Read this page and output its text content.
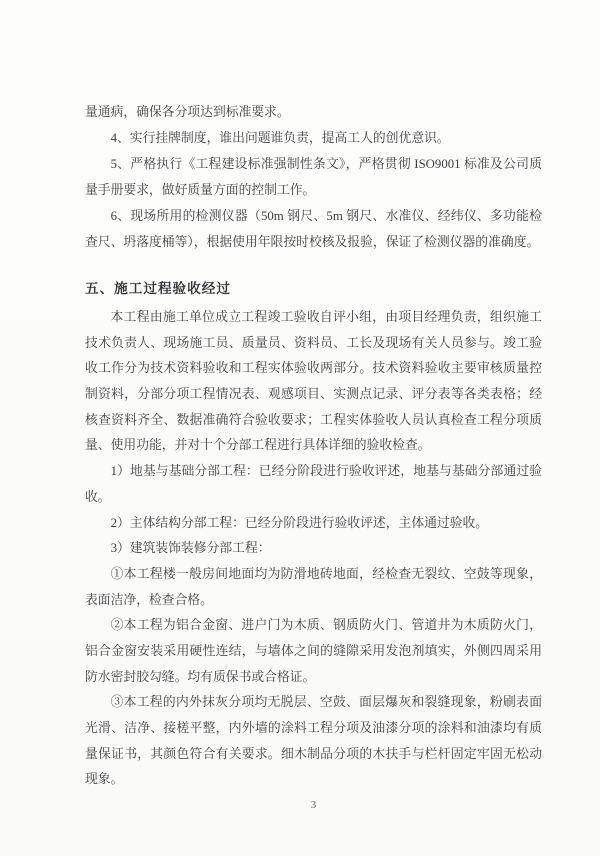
量通病，确保各分项达到标准要求。
4、实行挂牌制度，谁出问题谁负责，提高工人的创优意识。
5、严格执行《工程建设标准强制性条文》，严格贯彻 ISO9001 标准及公司质
量手册要求，做好质量方面的控制工作。
6、现场所用的检测仪器（50m 钢尺、5m 钢尺、水准仪、经纬仪、多功能检
查尺、坍落度桶等），根据使用年限按时校核及报验，保证了检测仪器的准确度。
五、施工过程验收经过
本工程由施工单位成立工程竣工验收自评小组，由项目经理负责，组织施工
技术负责人、现场施工员、质量员、资料员、工长及现场有关人员参与。竣工验
收工作分为技术资料验收和工程实体验收两部分。技术资料验收主要审核质量控
制资料，分部分项工程情况表、观感项目、实测点记录、评分表等各类表格；经
核查资料齐全、数据准确符合验收要求；工程实体验收人员认真检查工程分项质
量、使用功能，并对十个分部工程进行具体详细的验收检查。
1）地基与基础分部工程：已经分阶段进行验收评述，地基与基础分部通过验
收。
2）主体结构分部工程：已经分阶段进行验收评述，主体通过验收。
3）建筑装饰装修分部工程：
①本工程楼一般房间地面均为防滑地砖地面，经检查无裂纹、空鼓等现象，
表面洁净，检查合格。
②本工程为铝合金窗、进户门为木质、钢质防火门、管道井为木质防火门，
铝合金窗安装采用硬性连结，与墙体之间的缝隙采用发泡剂填实，外侧四周采用
防水密封胶勾缝。均有质保书或合格证。
③本工程的内外抹灰分项均无脱层、空鼓、面层爆灰和裂缝现象，粉刷表面
光滑、洁净、接槎平整，内外墙的涂料工程分项及油漆分项的涂料和油漆均有质
量保证书，其颜色符合有关要求。细木制品分项的木扶手与栏杆固定牢固无松动
现象。
3
